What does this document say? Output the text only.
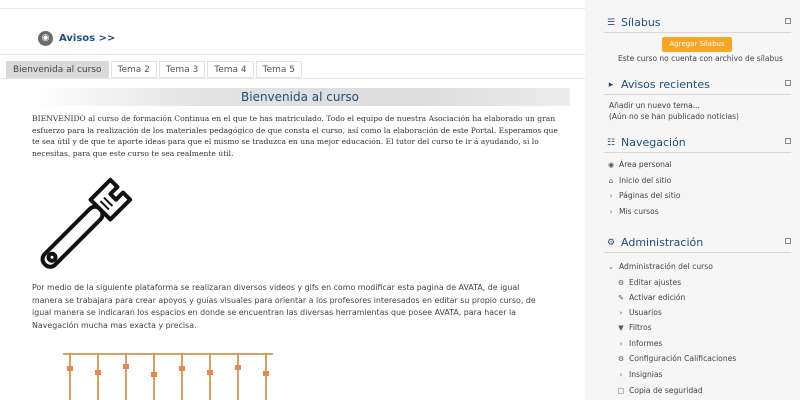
◉ Avisos >>
Bienvenida al curso	Tema 2	Tema 3	Tema 4	Tema 5
Bienvenida al curso

BIENVENIDO al curso de formación Continua en el que te has matriculado. Todo el equipo de nuestra Asociación ha elaborado un gran esfuerzo para la realización de los materiales pedagógico de que consta el curso, así como la elaboración de este Portal. Esperamos que te sea útil y de que te aporte ideas para que el mismo se traduzca en una mejor educación. El tutor del curso te ir á ayudando, si lo necesitas, para que este curso te sea realmente útil.

Por medio de la siguiente plataforma se realizaran diversos videos y gifs en como modificar esta pagina de AVATA, de igual manera se trabajara para crear apoyos y guías visuales para orientar a los profesores interesados en editar su propio curso, de igual manera se indicaran los espacios en donde se encuentran las diversas herramientas que posee AVATA, para hacer la Navegación mucha mas exacta y precisa.

☰ Sílabus
Agregar Sílabus
Este curso no cuenta con archivo de sílabus
▸ Avisos recientes
Añadir un nuevo tema...
(Aún no se han publicado noticias)
☷ Navegación
◉ Área personal
⌂ Inicio del sitio
› Páginas del sitio
› Mis cursos
⚙ Administración
⌄ Administración del curso
⚙ Editar ajustes
✎ Activar edición
› Usuarios
▼ Filtros
› Informes
⚙ Configuración Calificaciones
› Insignias
□ Copia de seguridad
